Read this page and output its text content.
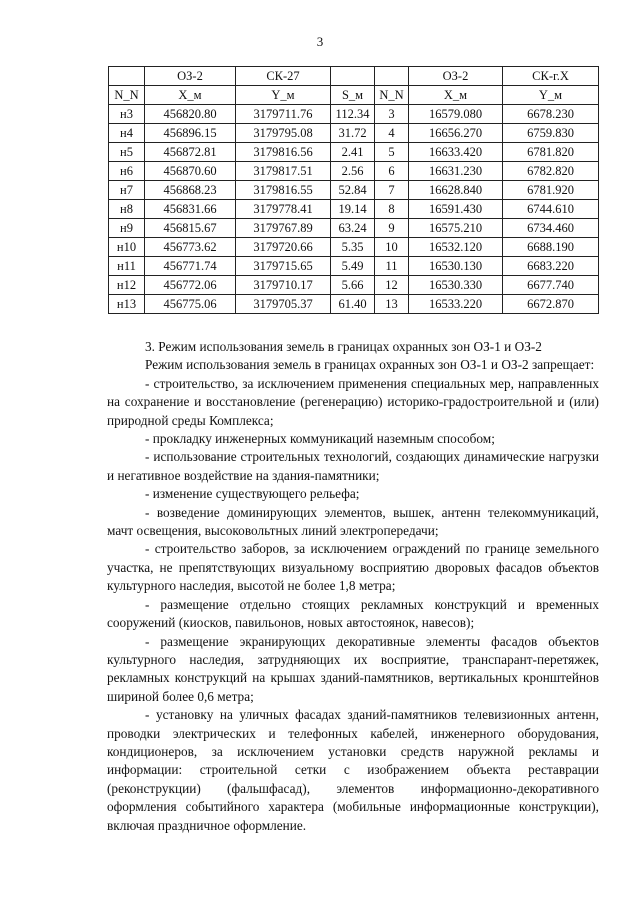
3
	ОЗ-2	СК-27			ОЗ-2	СК-г.Х
N_N	X_м	Y_м	S_м	N_N	X_м	Y_м
н3	456820.80	3179711.76	112.34	3	16579.080	6678.230
н4	456896.15	3179795.08	31.72	4	16656.270	6759.830
н5	456872.81	3179816.56	2.41	5	16633.420	6781.820
н6	456870.60	3179817.51	2.56	6	16631.230	6782.820
н7	456868.23	3179816.55	52.84	7	16628.840	6781.920
н8	456831.66	3179778.41	19.14	8	16591.430	6744.610
н9	456815.67	3179767.89	63.24	9	16575.210	6734.460
н10	456773.62	3179720.66	5.35	10	16532.120	6688.190
н11	456771.74	3179715.65	5.49	11	16530.130	6683.220
н12	456772.06	3179710.17	5.66	12	16530.330	6677.740
н13	456775.06	3179705.37	61.40	13	16533.220	6672.870

3. Режим использования земель в границах охранных зон ОЗ-1 и ОЗ-2

Режим использования земель в границах охранных зон ОЗ-1 и ОЗ-2 запрещает:

- строительство, за исключением применения специальных мер, направленных на сохранение и восстановление (регенерацию) историко-градостроительной и (или) природной среды Комплекса;

- прокладку инженерных коммуникаций наземным способом;

- использование строительных технологий, создающих динамические нагрузки и негативное воздействие на здания-памятники;

- изменение существующего рельефа;

- возведение доминирующих элементов, вышек, антенн телекоммуникаций, мачт освещения, высоковольтных линий электропередачи;

- строительство заборов, за исключением ограждений по границе земельного участка, не препятствующих визуальному восприятию дворовых фасадов объектов культурного наследия, высотой не более 1,8 метра;

- размещение отдельно стоящих рекламных конструкций и временных сооружений (киосков, павильонов, новых автостоянок, навесов);

- размещение экранирующих декоративные элементы фасадов объектов культурного наследия, затрудняющих их восприятие, транспарант-перетяжек, рекламных конструкций на крышах зданий-памятников, вертикальных кронштейнов шириной более 0,6 метра;

- установку на уличных фасадах зданий-памятников телевизионных антенн, проводки электрических и телефонных кабелей, инженерного оборудования, кондиционеров, за исключением установки средств наружной рекламы и информации: строительной сетки с изображением объекта реставрации (реконструкции) (фальшфасад), элементов информационно-декоративного оформления событийного характера (мобильные информационные конструкции), включая праздничное оформление.
